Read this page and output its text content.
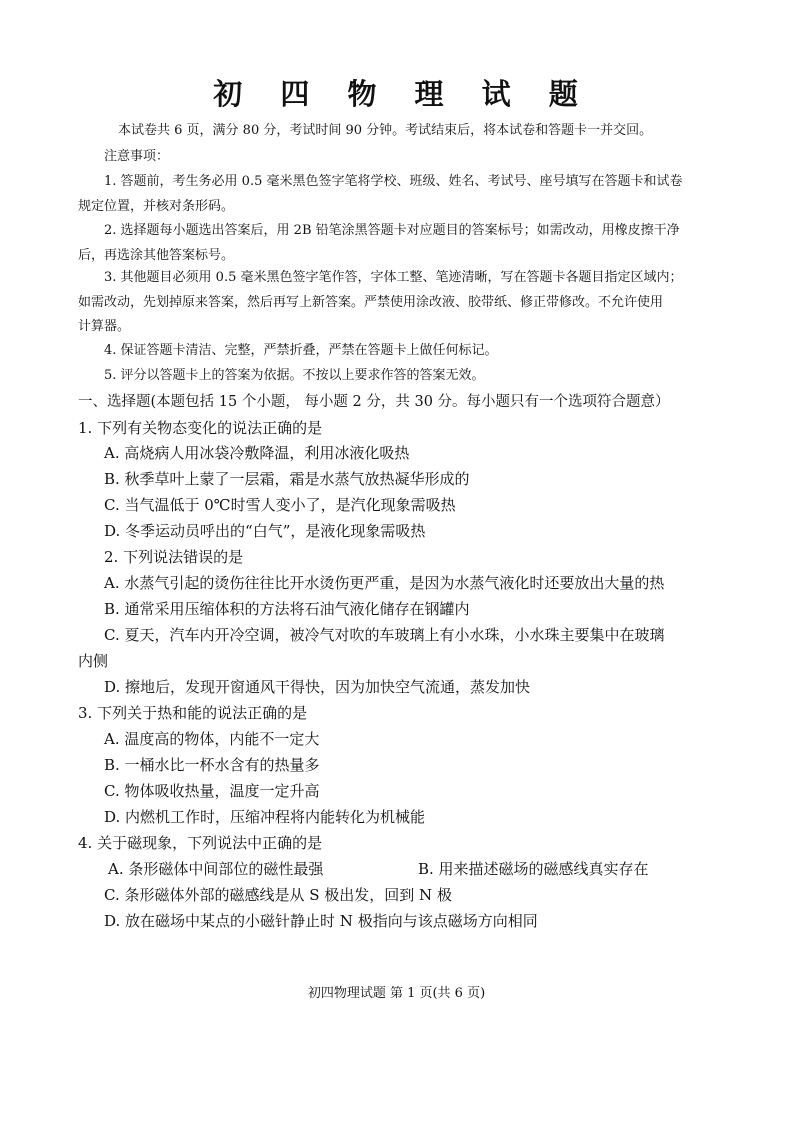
初 四 物 理 试 题
本试卷共 6 页，满分 80 分，考试时间 90 分钟。考试结束后，将本试卷和答题卡一并交回。
注意事项：
1. 答题前，考生务必用 0.5 毫米黑色签字笔将学校、班级、姓名、考试号、座号填写在答题卡和试卷
规定位置，并核对条形码。
2. 选择题每小题选出答案后，用 2B 铅笔涂黑答题卡对应题目的答案标号；如需改动，用橡皮擦干净
后，再选涂其他答案标号。
3. 其他题目必须用 0.5 毫米黑色签字笔作答，字体工整、笔迹清晰，写在答题卡各题目指定区域内；
如需改动，先划掉原来答案，然后再写上新答案。严禁使用涂改液、胶带纸、修正带修改。不允许使用
计算器。
4. 保证答题卡清洁、完整，严禁折叠，严禁在答题卡上做任何标记。
5. 评分以答题卡上的答案为依据。不按以上要求作答的答案无效。
一、选择题(本题包括 15 个小题， 每小题 2 分，共 30 分。每小题只有一个选项符合题意）
1. 下列有关物态变化的说法正确的是
A. 高烧病人用冰袋冷敷降温，利用冰液化吸热
B. 秋季草叶上蒙了一层霜，霜是水蒸气放热凝华形成的
C. 当气温低于 0℃时雪人变小了，是汽化现象需吸热
D. 冬季运动员呼出的“白气”，是液化现象需吸热
2. 下列说法错误的是
A. 水蒸气引起的烫伤往往比开水烫伤更严重，是因为水蒸气液化时还要放出大量的热
B. 通常采用压缩体积的方法将石油气液化储存在钢罐内
C. 夏天，汽车内开冷空调，被冷气对吹的车玻璃上有小水珠，小水珠主要集中在玻璃
内侧
D. 擦地后，发现开窗通风干得快，因为加快空气流通，蒸发加快
3. 下列关于热和能的说法正确的是
A. 温度高的物体，内能不一定大
B. 一桶水比一杯水含有的热量多
C. 物体吸收热量，温度一定升高
D. 内燃机工作时，压缩冲程将内能转化为机械能
4. 关于磁现象，下列说法中正确的是
A. 条形磁体中间部位的磁性最强	B. 用来描述磁场的磁感线真实存在
C. 条形磁体外部的磁感线是从 S 极出发，回到 N 极
D. 放在磁场中某点的小磁针静止时 N 极指向与该点磁场方向相同
初四物理试题 第 1 页(共 6 页)
